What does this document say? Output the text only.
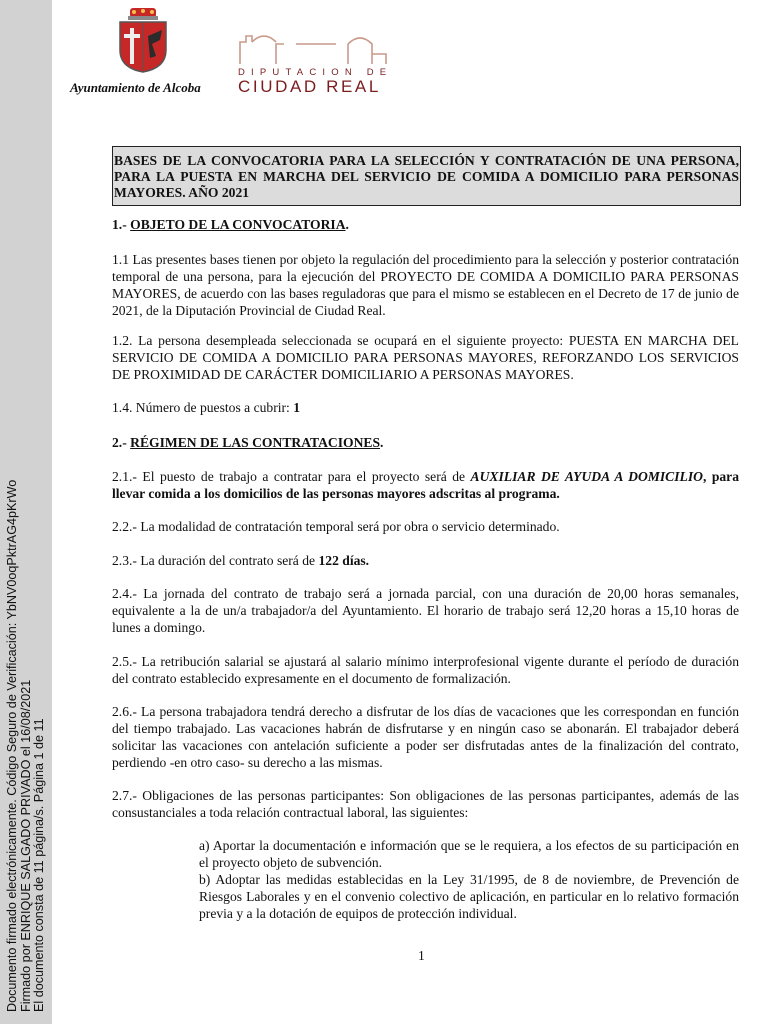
Documento firmado electrónicamente. Código Seguro de Verificación: YbNV0oqPktrAG4pKrWo Firmado por ENRIQUE SALGADO PRIVADO el 16/08/2021 El documento consta de 11 página/s. Página 1 de 11
Ayuntamiento de Alcoba
DIPUTACION DE
CIUDAD REAL
BASES DE LA CONVOCATORIA PARA LA SELECCIÓN Y CONTRATACIÓN DE UNA PERSONA, PARA LA PUESTA EN MARCHA DEL SERVICIO DE COMIDA A DOMICILIO PARA PERSONAS MAYORES. AÑO 2021

1.- OBJETO DE LA CONVOCATORIA.

1.1 Las presentes bases tienen por objeto la regulación del procedimiento para la selección y posterior contratación temporal de una persona, para la ejecución del PROYECTO DE COMIDA A DOMICILIO PARA PERSONAS MAYORES, de acuerdo con las bases reguladoras que para el mismo se establecen en el Decreto de 17 de junio de 2021, de la Diputación Provincial de Ciudad Real.

1.2. La persona desempleada seleccionada se ocupará en el siguiente proyecto: PUESTA EN MARCHA DEL SERVICIO DE COMIDA A DOMICILIO PARA PERSONAS MAYORES, REFORZANDO LOS SERVICIOS DE PROXIMIDAD DE CARÁCTER DOMICILIARIO A PERSONAS MAYORES.

1.4. Número de puestos a cubrir: 1

2.- RÉGIMEN DE LAS CONTRATACIONES.

2.1.- El puesto de trabajo a contratar para el proyecto será de AUXILIAR DE AYUDA A DOMICILIO, para llevar comida a los domicilios de las personas mayores adscritas al programa.

2.2.- La modalidad de contratación temporal será por obra o servicio determinado.

2.3.- La duración del contrato será de 122 días.

2.4.- La jornada del contrato de trabajo será a jornada parcial, con una duración de 20,00 horas semanales, equivalente a la de un/a trabajador/a del Ayuntamiento. El horario de trabajo será 12,20 horas a 15,10 horas de lunes a domingo.

2.5.- La retribución salarial se ajustará al salario mínimo interprofesional vigente durante el período de duración del contrato establecido expresamente en el documento de formalización.

2.6.- La persona trabajadora tendrá derecho a disfrutar de los días de vacaciones que les correspondan en función del tiempo trabajado. Las vacaciones habrán de disfrutarse y en ningún caso se abonarán. El trabajador deberá solicitar las vacaciones con antelación suficiente a poder ser disfrutadas antes de la finalización del contrato, perdiendo -en otro caso- su derecho a las mismas.

2.7.- Obligaciones de las personas participantes: Son obligaciones de las personas participantes, además de las consustanciales a toda relación contractual laboral, las siguientes:

a) Aportar la documentación e información que se le requiera, a los efectos de su participación en el proyecto objeto de subvención.

b) Adoptar las medidas establecidas en la Ley 31/1995, de 8 de noviembre, de Prevención de Riesgos Laborales y en el convenio colectivo de aplicación, en particular en lo relativo formación previa y a la dotación de equipos de protección individual.

1
